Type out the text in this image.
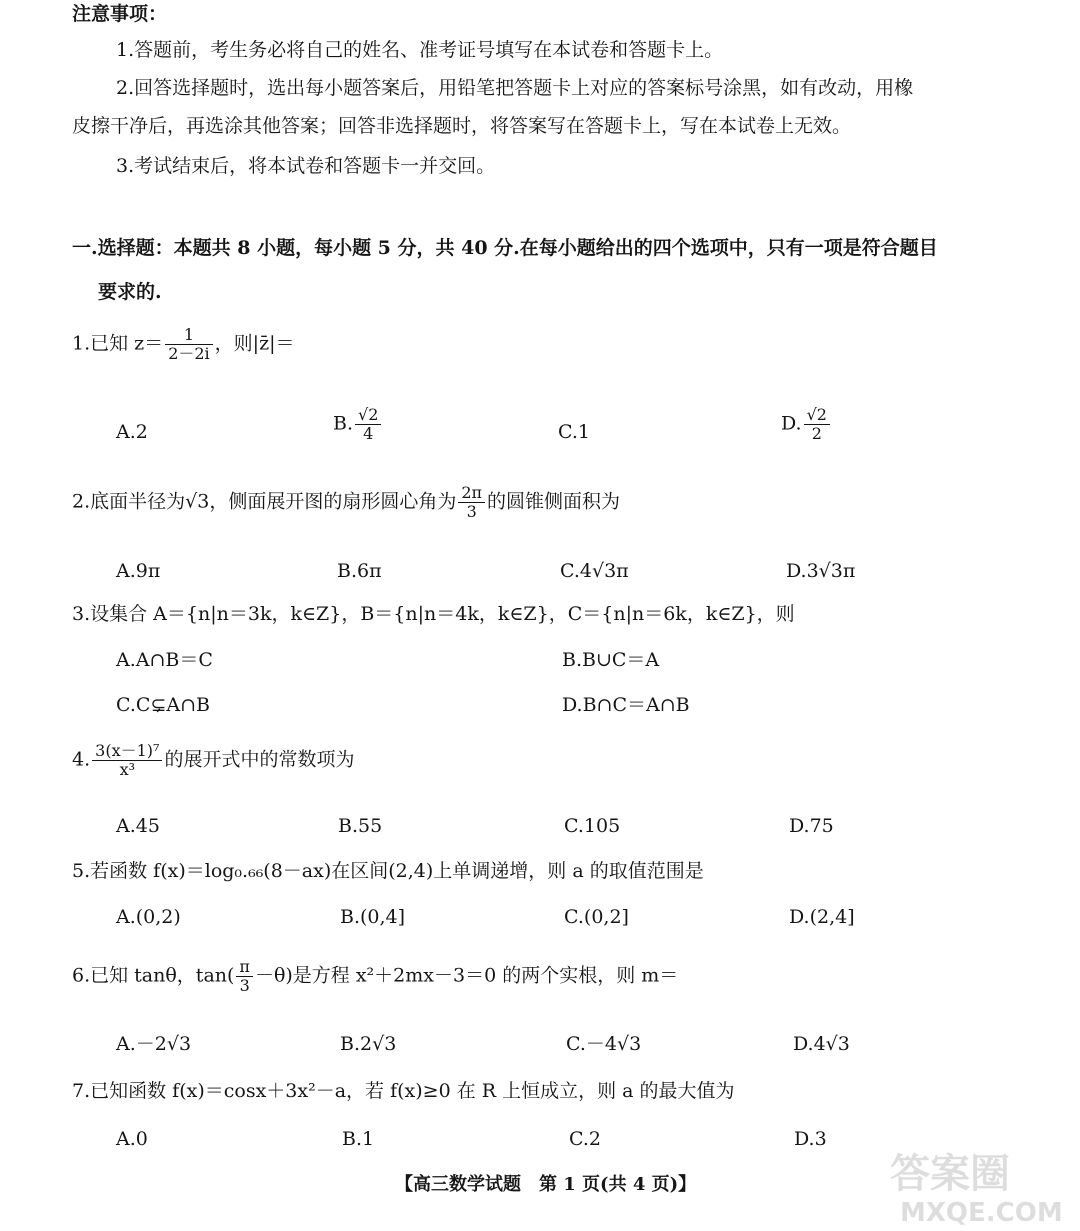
注意事项：
1.答题前，考生务必将自己的姓名、准考证号填写在本试卷和答题卡上。
2.回答选择题时，选出每小题答案后，用铅笔把答题卡上对应的答案标号涂黑，如有改动，用橡
皮擦干净后，再选涂其他答案；回答非选择题时，将答案写在答题卡上，写在本试卷上无效。
3.考试结束后，将本试卷和答题卡一并交回。
一.选择题：本题共 8 小题，每小题 5 分，共 40 分.在每小题给出的四个选项中，只有一项是符合题目
要求的.
1.已知 $z= \frac{1}{2-2i}$ ，则|z̄|＝
A.2	B. $\frac{√2}{4}$	C.1	D. $\frac{√2}{2}$
2.底面半径为√3，侧面展开图的扇形圆心角为 $\frac{2\pi}{3}$ 的圆锥侧面积为
A.9π	B.6π	C.4√3π	D.3√3π
3.设集合 A＝{n|n＝3k，k∈Z}，B＝{n|n＝4k，k∈Z}，C＝{n|n＝6k，k∈Z}，则
A.A∩B＝C	B.B∪C＝A
C.C⊊A∩B	D.B∩C＝A∩B
4. $\frac{\text{3(x－1)⁷}}{\text{x³}}$ 的展开式中的常数项为
A.45	B.55	C.105	D.75
5.若函数 f(x)＝log₀.₆₆(8－ax)在区间(2,4)上单调递增，则 a 的取值范围是
A.(0,2)	B.(0,4]	C.(0,2]	D.(2,4]
6.已知 tanθ，$\tan( \frac{\pi}{3} -\theta)$是方程 x²＋2mx－3＝0 的两个实根，则 m＝
A.－2√3	B.2√3	C.－4√3	D.4√3
7.已知函数 f(x)＝cosx＋3x²－a，若 f(x)≥0 在 R 上恒成立，则 a 的最大值为
A.0	B.1	C.2	D.3
【高三数学试题　第 1 页(共 4 页)】	答案圈
MXQE.COM
